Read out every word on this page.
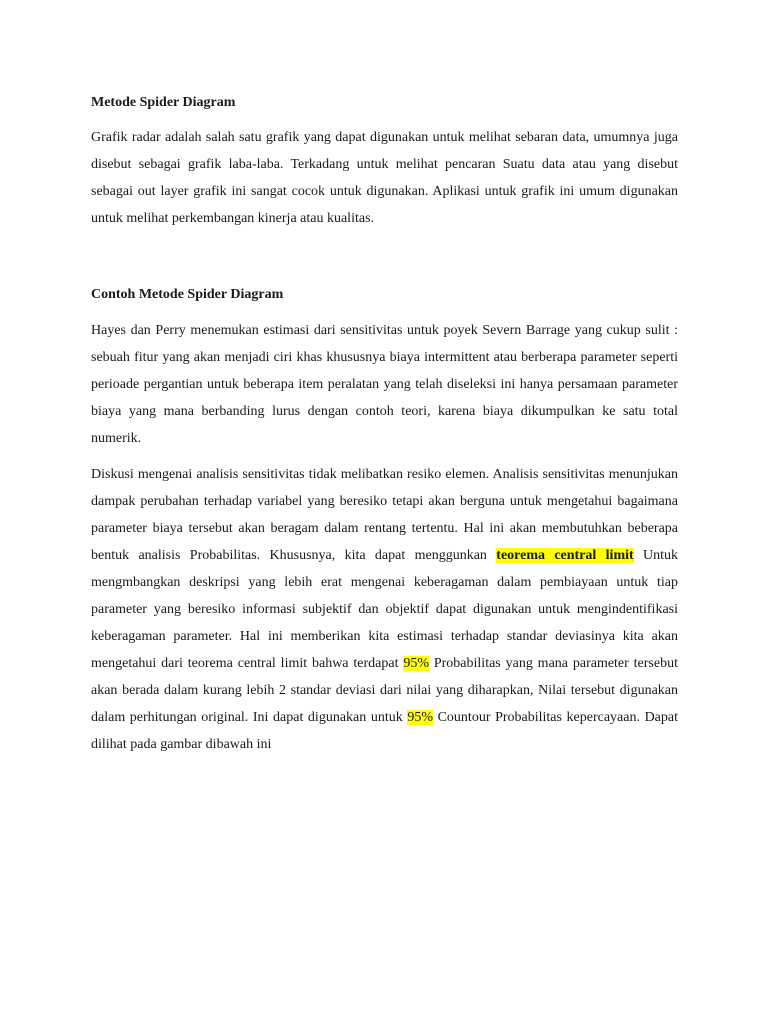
Metode Spider Diagram

Grafik radar adalah salah satu grafik yang dapat digunakan untuk melihat sebaran data, umumnya juga disebut sebagai grafik laba-laba. Terkadang untuk melihat pencaran Suatu data atau yang disebut sebagai out layer grafik ini sangat cocok untuk digunakan. Aplikasi untuk grafik ini umum digunakan untuk melihat perkembangan kinerja atau kualitas.

Contoh Metode Spider Diagram

Hayes dan Perry menemukan estimasi dari sensitivitas untuk poyek Severn Barrage yang cukup sulit : sebuah fitur yang akan menjadi ciri khas khususnya biaya intermittent atau berberapa parameter seperti perioade pergantian untuk beberapa item peralatan yang telah diseleksi ini hanya persamaan parameter biaya yang mana berbanding lurus dengan contoh teori, karena biaya dikumpulkan ke satu total numerik.

Diskusi mengenai analisis sensitivitas tidak melibatkan resiko elemen. Analisis sensitivitas menunjukan dampak perubahan terhadap variabel yang beresiko tetapi akan berguna untuk mengetahui bagaimana parameter biaya tersebut akan beragam dalam rentang tertentu. Hal ini akan membutuhkan beberapa bentuk analisis Probabilitas. Khususnya, kita dapat menggunkan teorema central limit Untuk mengmbangkan deskripsi yang lebih erat mengenai keberagaman dalam pembiayaan untuk tiap parameter yang beresiko informasi subjektif dan objektif dapat digunakan untuk mengindentifikasi keberagaman parameter. Hal ini memberikan kita estimasi terhadap standar deviasinya kita akan mengetahui dari teorema central limit bahwa terdapat 95% Probabilitas yang mana parameter tersebut akan berada dalam kurang lebih 2 standar deviasi dari nilai yang diharapkan, Nilai tersebut digunakan dalam perhitungan original. Ini dapat digunakan untuk 95% Countour Probabilitas kepercayaan. Dapat dilihat pada gambar dibawah ini
